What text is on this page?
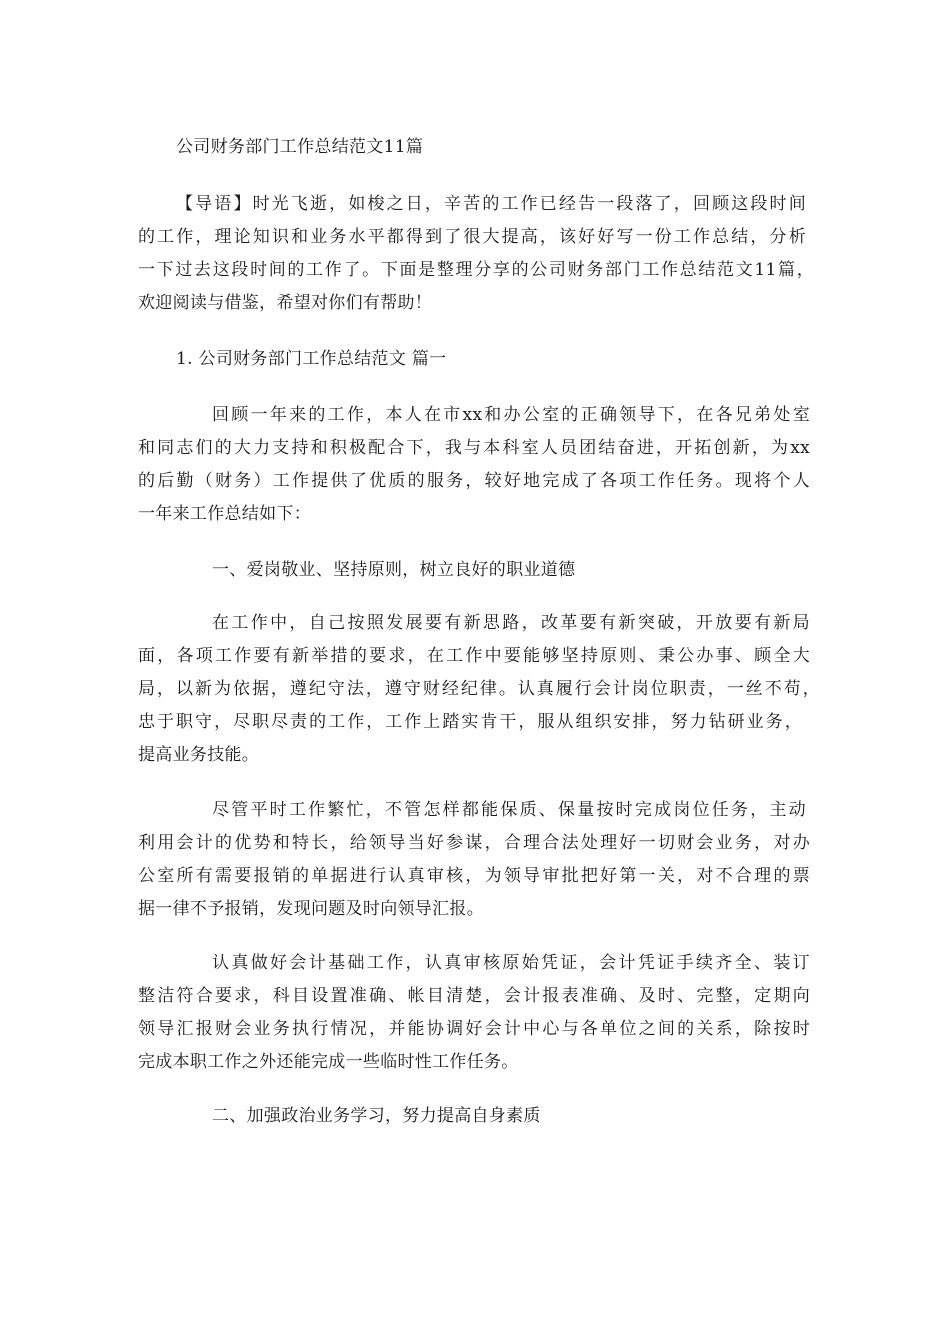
公司财务部门工作总结范文11篇
【导语】时光飞逝，如梭之日，辛苦的工作已经告一段落了，回顾这段时间
的工作，理论知识和业务水平都得到了很大提高，该好好写一份工作总结，分析
一下过去这段时间的工作了。下面是整理分享的公司财务部门工作总结范文11篇，
欢迎阅读与借鉴，希望对你们有帮助！
1. 公司财务部门工作总结范文 篇一
回顾一年来的工作，本人在市xx和办公室的正确领导下，在各兄弟处室
和同志们的大力支持和积极配合下，我与本科室人员团结奋进，开拓创新，为xx
的后勤（财务）工作提供了优质的服务，较好地完成了各项工作任务。现将个人
一年来工作总结如下：
一、爱岗敬业、坚持原则，树立良好的职业道德
在工作中，自己按照发展要有新思路，改革要有新突破，开放要有新局
面，各项工作要有新举措的要求，在工作中要能够坚持原则、秉公办事、顾全大
局，以新为依据，遵纪守法，遵守财经纪律。认真履行会计岗位职责，一丝不苟，
忠于职守，尽职尽责的工作，工作上踏实肯干，服从组织安排，努力钻研业务，
提高业务技能。
尽管平时工作繁忙，不管怎样都能保质、保量按时完成岗位任务，主动
利用会计的优势和特长，给领导当好参谋，合理合法处理好一切财会业务，对办
公室所有需要报销的单据进行认真审核，为领导审批把好第一关，对不合理的票
据一律不予报销，发现问题及时向领导汇报。
认真做好会计基础工作，认真审核原始凭证，会计凭证手续齐全、装订
整洁符合要求，科目设置准确、帐目清楚，会计报表准确、及时、完整，定期向
领导汇报财会业务执行情况，并能协调好会计中心与各单位之间的关系，除按时
完成本职工作之外还能完成一些临时性工作任务。
二、加强政治业务学习，努力提高自身素质
